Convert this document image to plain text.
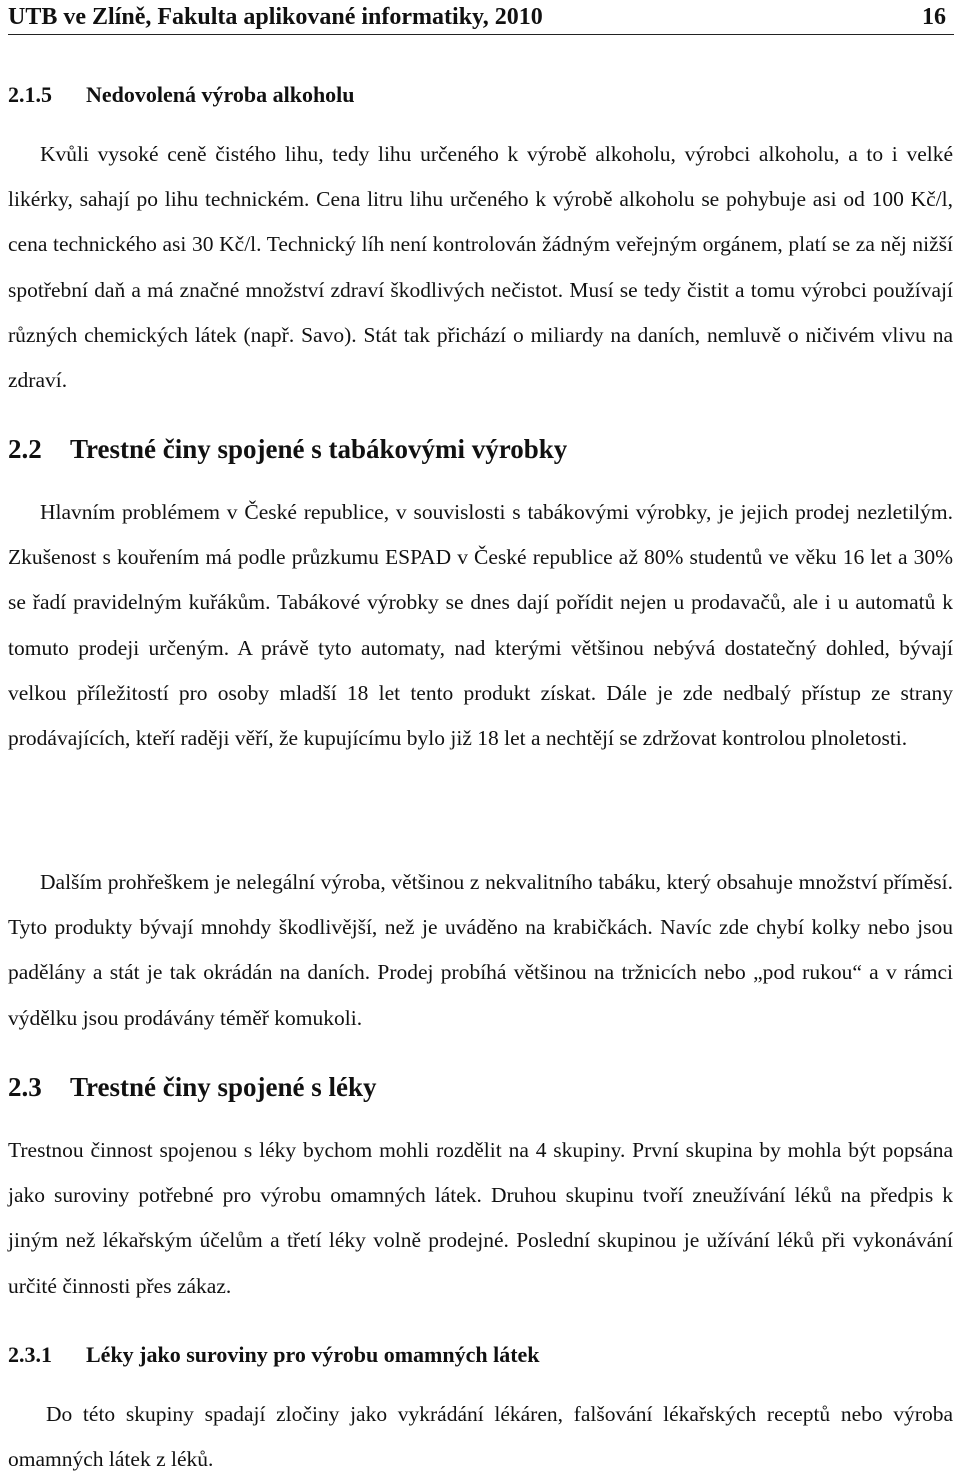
UTB ve Zlíně, Fakulta aplikované informatiky, 2010	16
2.1.5 Nedovolená výroba alkoholu

Kvůli vysoké ceně čistého lihu, tedy lihu určeného k výrobě alkoholu, výrobci alkoholu, a to i velké likérky, sahají po lihu technickém. Cena litru lihu určeného k výrobě alkoholu se pohybuje asi od 100 Kč/l, cena technického asi 30 Kč/l. Technický líh není kontrolován žádným veřejným orgánem, platí se za něj nižší spotřební daň a má značné množství zdraví škodlivých nečistot. Musí se tedy čistit a tomu výrobci používají různých chemických látek (např. Savo). Stát tak přichází o miliardy na daních, nemluvě o ničivém vlivu na zdraví.

2.2 Trestné činy spojené s tabákovými výrobky

Hlavním problémem v České republice, v souvislosti s tabákovými výrobky, je jejich prodej nezletilým. Zkušenost s kouřením má podle průzkumu ESPAD v České republice až 80% studentů ve věku 16 let a 30% se řadí pravidelným kuřákům. Tabákové výrobky se dnes dají pořídit nejen u prodavačů, ale i u automatů k tomuto prodeji určeným. A právě tyto automaty, nad kterými většinou nebývá dostatečný dohled, bývají velkou příležitostí pro osoby mladší 18 let tento produkt získat. Dále je zde nedbalý přístup ze strany prodávajících, kteří raději věří, že kupujícímu bylo již 18 let a nechtějí se zdržovat kontrolou plnoletosti.

Dalším prohřeškem je nelegální výroba, většinou z nekvalitního tabáku, který obsahuje množství příměsí. Tyto produkty bývají mnohdy škodlivější, než je uváděno na krabičkách. Navíc zde chybí kolky nebo jsou padělány a stát je tak okrádán na daních. Prodej probíhá většinou na tržnicích nebo „pod rukou“ a v rámci výdělku jsou prodávány téměř komukoli.

2.3 Trestné činy spojené s léky

Trestnou činnost spojenou s léky bychom mohli rozdělit na 4 skupiny. První skupina by mohla být popsána jako suroviny potřebné pro výrobu omamných látek. Druhou skupinu tvoří zneužívání léků na předpis k jiným než lékařským účelům a třetí léky volně prodejné. Poslední skupinou je užívání léků při vykonávání určité činnosti přes zákaz.

2.3.1 Léky jako suroviny pro výrobu omamných látek

Do této skupiny spadají zločiny jako vykrádání lékáren, falšování lékařských receptů nebo výroba omamných látek z léků.
